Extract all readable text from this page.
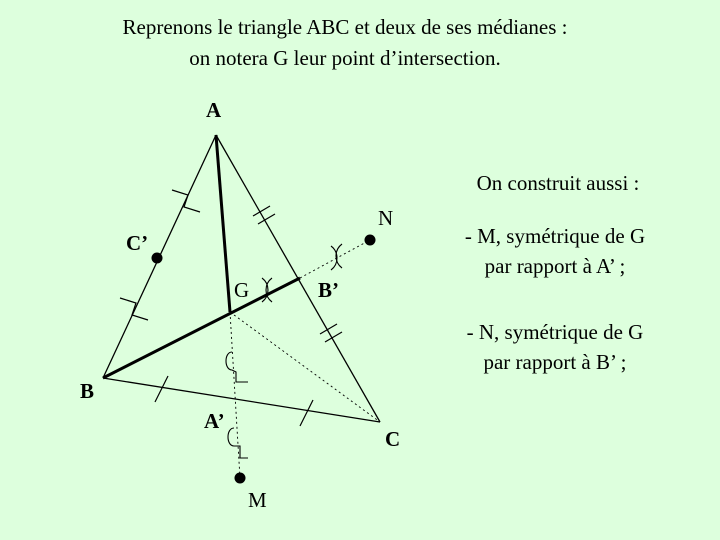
Reprenons le triangle ABC et deux de ses médianes :
on notera G leur point d’intersection.
On construit aussi :
- M, symétrique de G
par rapport à A’ ;
- N, symétrique de G
par rapport à B’ ;
A
B
C
A’
B’
C’
G
M
N
